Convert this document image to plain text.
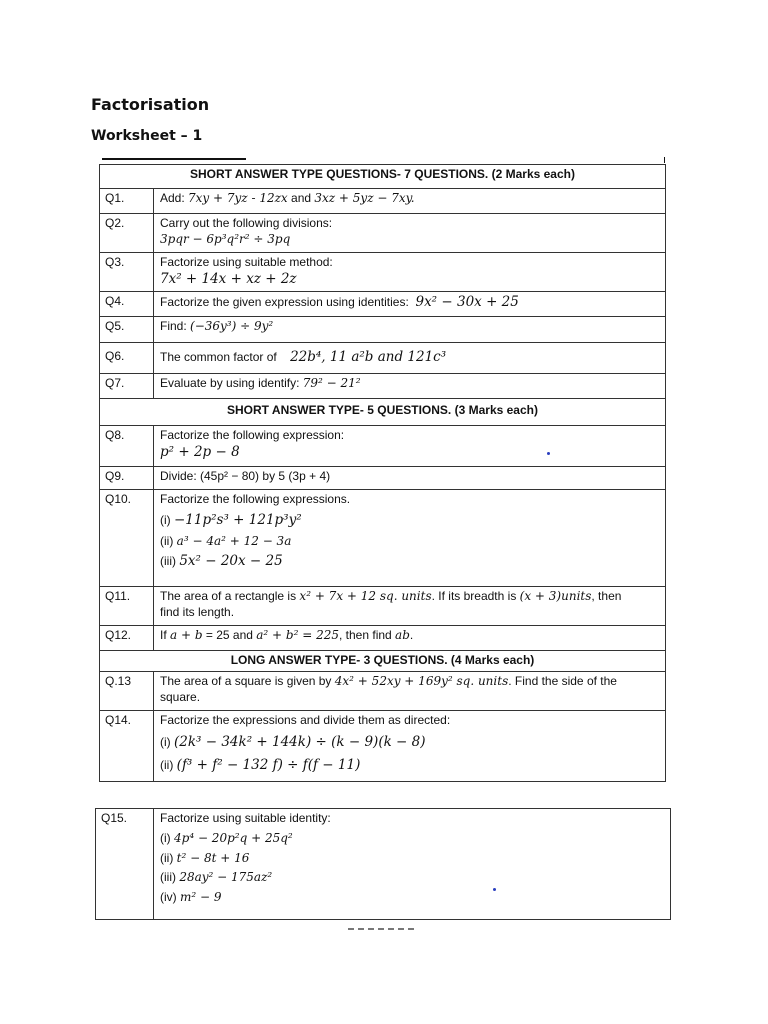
Factorisation
Worksheet – 1
SHORT ANSWER TYPE QUESTIONS- 7 QUESTIONS. (2 Marks each)	
Q1.	Add: 7xy + 7yz - 12zx and 3xz + 5yz − 7xy.
Q2.	Carry out the following divisions:
3pqr − 6p³q²r² ÷ 3pq

Q3.	Factorize using suitable method:
7x² + 14x + xz + 2z

Q4.	Factorize the given expression using identities: 9x² − 30x + 25
Q5.	Find: (−36y³) ÷ 9y²
Q6.	The common factor of 22b⁴, 11 a²b and 121c³
Q7.	Evaluate by using identify: 79² − 21²
SHORT ANSWER TYPE- 5 QUESTIONS. (3 Marks each)	
Q8.	Factorize the following expression:
p² + 2p − 8

Q9.	Divide: (45p² − 80) by 5 (3p + 4)
Q10.	Factorize the following expressions.
(i) −11p²s³ + 121p³y²
(ii) a³ − 4a² + 12 − 3a
(iii) 5x² − 20x − 25

Q11.	The area of a rectangle is x² + 7x + 12 sq. units. If its breadth is (x + 3)units, then
find its length.

Q12.	If a + b = 25 and a² + b² = 225, then find ab.
LONG ANSWER TYPE- 3 QUESTIONS. (4 Marks each)	
Q.13	The area of a square is given by 4x² + 52xy + 169y² sq. units. Find the side of the
square.

Q14.	Factorize the expressions and divide them as directed:
(i) (2k³ − 34k² + 144k) ÷ (k − 9)(k − 8)
(ii) (f³ + f² − 132 f) ÷ f(f − 11)
Q15.	Factorize using suitable identity:
(i) 4p⁴ − 20p²q + 25q²
(ii) t² − 8t + 16
(iii) 28ay² − 175az²
(iv) m² − 9
